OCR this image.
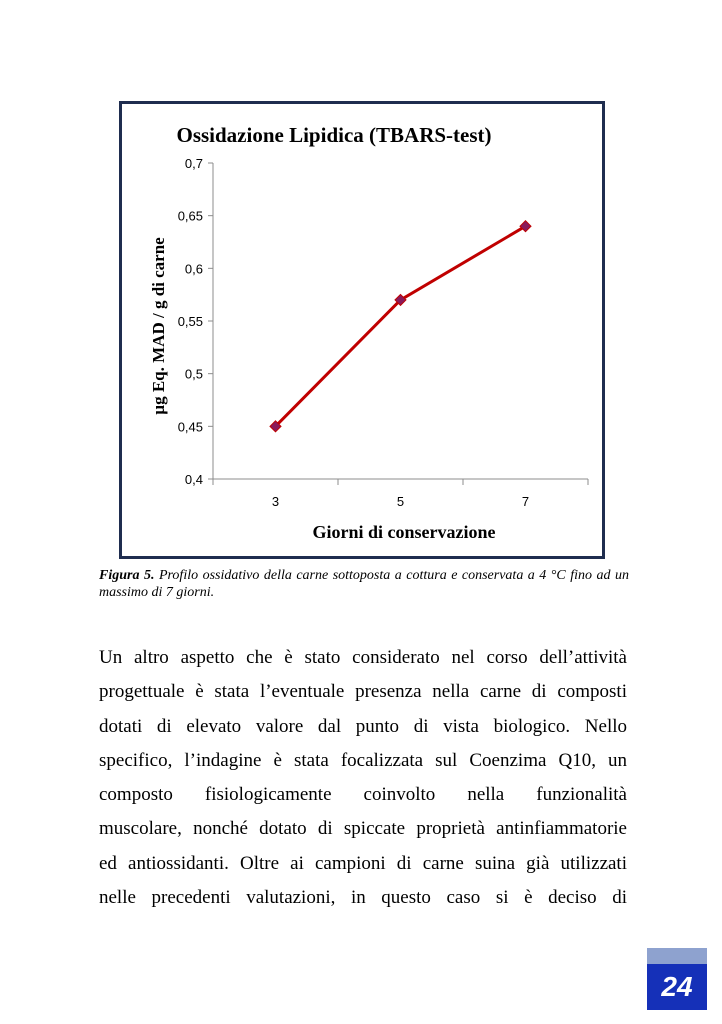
Ossidazione Lipidica (TBARS-test)
µg Eq. MAD / g di carne
Giorni di conservazione
0,4
0,45
0,5
0,55
0,6
0,65
0,7
3	5	7
Figura 5. Profilo ossidativo della carne sottoposta a cottura e conservata a 4 °C fino ad un massimo di 7 giorni.
Un altro aspetto che è stato considerato nel corso dell’attività
progettuale è stata l’eventuale presenza nella carne di composti
dotati di elevato valore dal punto di vista biologico. Nello
specifico, l’indagine è stata focalizzata sul Coenzima Q10, un
composto fisiologicamente coinvolto nella funzionalità
muscolare, nonché dotato di spiccate proprietà antinfiammatorie
ed antiossidanti. Oltre ai campioni di carne suina già utilizzati
nelle precedenti valutazioni, in questo caso si è deciso di
24
